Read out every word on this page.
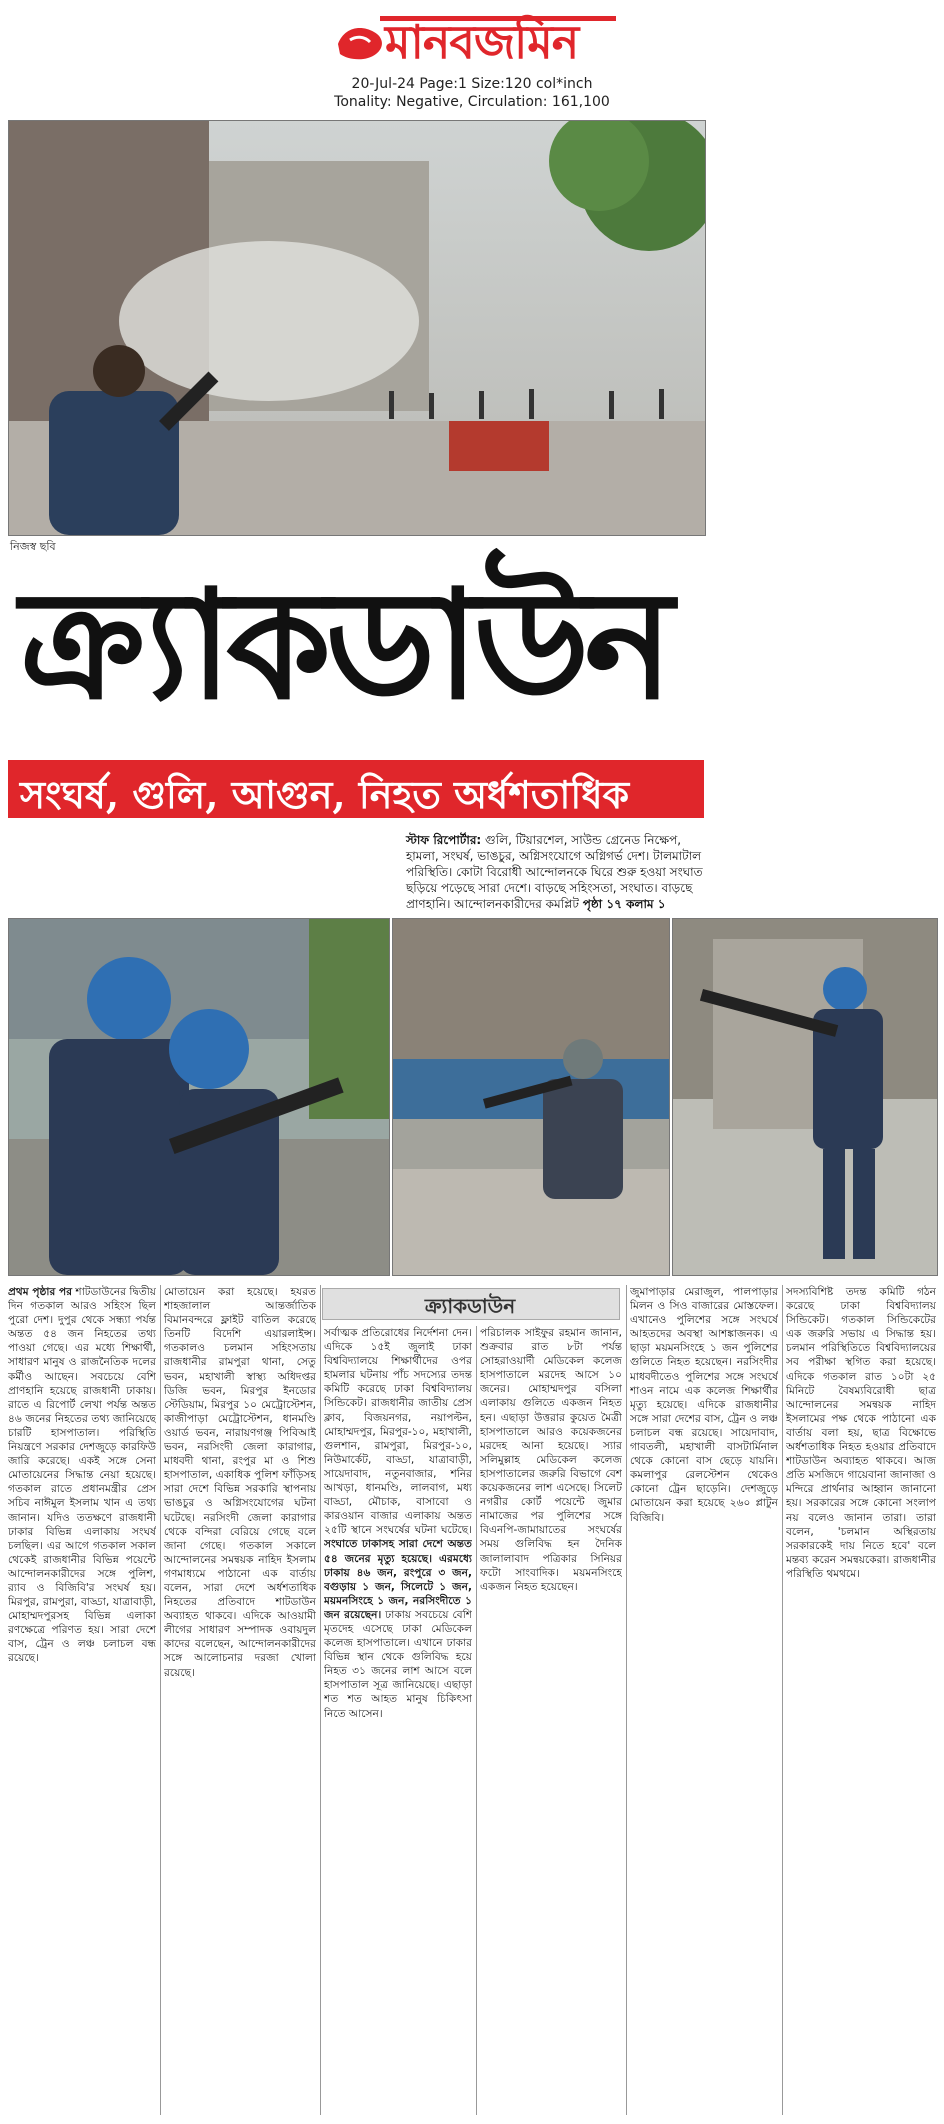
মানবজমিন
20-Jul-24 Page:1 Size:120 col*inch
Tonality: Negative, Circulation: 161,100
নিজস্ব ছবি
ক্র্যাকডাউন
সংঘর্ষ, গুলি, আগুন, নিহত অর্ধশতাধিক
স্টাফ রিপোর্টার: গুলি, টিয়ারশেল, সাউন্ড গ্রেনেড নিক্ষেপ, হামলা, সংঘর্ষ, ভাঙচুর, অগ্নিসংযোগে অগ্নিগর্ভ দেশ। টালমাটাল পরিস্থিতি। কোটা বিরোধী আন্দোলনকে ঘিরে শুরু হওয়া সংঘাত ছড়িয়ে পড়েছে সারা দেশে। বাড়ছে সহিংসতা, সংঘাত। বাড়ছে প্রাণহানি। আন্দোলনকারীদের কমপ্লিট পৃষ্ঠা ১৭ কলাম ১
প্রথম পৃষ্ঠার পর শাটডাউনের দ্বিতীয় দিন গতকাল আরও সহিংস ছিল পুরো দেশ। দুপুর থেকে সন্ধ্যা পর্যন্ত অন্তত ৫৪ জন নিহতের তথ্য পাওয়া গেছে। এর মধ্যে শিক্ষার্থী, সাধারণ মানুষ ও রাজনৈতিক দলের কর্মীও আছেন। সবচেয়ে বেশি প্রাণহানি হয়েছে রাজধানী ঢাকায়। রাতে এ রিপোর্ট লেখা পর্যন্ত অন্তত ৪৬ জনের নিহতের তথ্য জানিয়েছে চারটি হাসপাতাল। পরিস্থিতি নিয়ন্ত্রণে সরকার দেশজুড়ে কারফিউ জারি করেছে। একই সঙ্গে সেনা মোতায়েনের সিদ্ধান্ত নেয়া হয়েছে। গতকাল রাতে প্রধানমন্ত্রীর প্রেস সচিব নাঈমুল ইসলাম খান এ তথ্য জানান। যদিও ততক্ষণে রাজধানী ঢাকার বিভিন্ন এলাকায় সংঘর্ষ চলছিল। এর আগে গতকাল সকাল থেকেই রাজধানীর বিভিন্ন পয়েন্টে আন্দোলনকারীদের সঙ্গে পুলিশ, র‌্যাব ও বিজিবি'র সংঘর্ষ হয়। মিরপুর, রামপুরা, বাড্ডা, যাত্রাবাড়ী, মোহাম্মদপুরসহ বিভিন্ন এলাকা রণক্ষেত্রে পরিণত হয়। সারা দেশে বাস, ট্রেন ও লঞ্চ চলাচল বন্ধ রয়েছে।
মোতায়েন করা হয়েছে। হযরত শাহজালাল আন্তর্জাতিক বিমানবন্দরে ফ্লাইট বাতিল করেছে তিনটি বিদেশি এয়ারলাইন্স। গতকালও চলমান সহিংসতায় রাজধানীর রামপুরা থানা, সেতু ভবন, মহাখালী স্বাস্থ্য অধিদপ্তর ডিজি ভবন, মিরপুর ইনডোর স্টেডিয়াম, মিরপুর ১০ মেট্রোস্টেশন, কাজীপাড়া মেট্রোস্টেশন, ধানমণ্ডি ওয়ার্ড ভবন, নারায়ণগঞ্জ পিবিআই ভবন, নরসিংদী জেলা কারাগার, মাধবদী থানা, রংপুর মা ও শিশু হাসপাতাল, একাধিক পুলিশ ফাঁড়িসহ সারা দেশে বিভিন্ন সরকারি স্থাপনায় ভাঙচুর ও অগ্নিসংযোগের ঘটনা ঘটেছে। নরসিংদী জেলা কারাগার থেকে বন্দিরা বেরিয়ে গেছে বলে জানা গেছে। গতকাল সকালে আন্দোলনের সমন্বয়ক নাহিদ ইসলাম গণমাধ্যমে পাঠানো এক বার্তায় বলেন, সারা দেশে অর্ধশতাধিক নিহতের প্রতিবাদে শাটডাউন অব্যাহত থাকবে। এদিকে আওয়ামী লীগের সাধারণ সম্পাদক ওবায়দুল কাদের বলেছেন, আন্দোলনকারীদের সঙ্গে আলোচনার দরজা খোলা রয়েছে।
ক্র্যাকডাউন
সর্বাত্মক প্রতিরোধের নির্দেশনা দেন। এদিকে ১৫ই জুলাই ঢাকা বিশ্ববিদ্যালয়ে শিক্ষার্থীদের ওপর হামলার ঘটনায় পাঁচ সদস্যের তদন্ত কমিটি করেছে ঢাকা বিশ্ববিদ্যালয় সিন্ডিকেট। রাজধানীর জাতীয় প্রেস ক্লাব, বিজয়নগর, নয়াপল্টন, মোহাম্মদপুর, মিরপুর-১০, মহাখালী, গুলশান, রামপুরা, মিরপুর-১০, নিউমার্কেট, বাড্ডা, যাত্রাবাড়ী, সায়েদাবাদ, নতুনবাজার, শনির আখড়া, ধানমণ্ডি, লালবাগ, মধ্য বাড্ডা, মৌচাক, বাসাবো ও কারওয়ান বাজার এলাকায় অন্তত ২৫টি স্থানে সংঘর্ষের ঘটনা ঘটেছে। সংঘাতে ঢাকাসহ সারা দেশে অন্তত ৫৪ জনের মৃত্যু হয়েছে। এরমধ্যে ঢাকায় ৪৬ জন, রংপুরে ৩ জন, বগুড়ায় ১ জন, সিলেটে ১ জন, ময়মনসিংহে ১ জন, নরসিংদীতে ১ জন রয়েছেন। ঢাকায় সবচেয়ে বেশি মৃতদেহ এসেছে ঢাকা মেডিকেল কলেজ হাসপাতালে। এখানে ঢাকার বিভিন্ন স্থান থেকে গুলিবিদ্ধ হয়ে নিহত ৩১ জনের লাশ আসে বলে হাসপাতাল সূত্র জানিয়েছে। এছাড়া শত শত আহত মানুষ চিকিৎসা নিতে আসেন।
পরিচালক সাইফুর রহমান জানান, শুক্রবার রাত ৮টা পর্যন্ত সোহরাওয়ার্দী মেডিকেল কলেজ হাসপাতালে মরদেহ আসে ১০ জনের। মোহাম্মদপুর বসিলা এলাকায় গুলিতে একজন নিহত হন। এছাড়া উত্তরার কুয়েত মৈত্রী হাসপাতালে আরও কয়েকজনের মরদেহ আনা হয়েছে। স্যার সলিমুল্লাহ মেডিকেল কলেজ হাসপাতালের জরুরি বিভাগে বেশ কয়েকজনের লাশ এসেছে। সিলেট নগরীর কোর্ট পয়েন্টে জুমার নামাজের পর পুলিশের সঙ্গে বিএনপি-জামায়াতের সংঘর্ষের সময় গুলিবিদ্ধ হন দৈনিক জালালাবাদ পত্রিকার সিনিয়র ফটো সাংবাদিক। ময়মনসিংহে একজন নিহত হয়েছেন।
জুমাপাড়ার মেরাজুল, পালপাড়ার মিলন ও সিও বাজারের মোস্তফেল। এখানেও পুলিশের সঙ্গে সংঘর্ষে আহতদের অবস্থা আশঙ্কাজনক। এ ছাড়া ময়মনসিংহে ১ জন পুলিশের গুলিতে নিহত হয়েছেন। নরসিংদীর মাধবদীতেও পুলিশের সঙ্গে সংঘর্ষে শাওন নামে এক কলেজ শিক্ষার্থীর মৃত্যু হয়েছে। এদিকে রাজধানীর সঙ্গে সারা দেশের বাস, ট্রেন ও লঞ্চ চলাচল বন্ধ রয়েছে। সায়েদাবাদ, গাবতলী, মহাখালী বাসটার্মিনাল থেকে কোনো বাস ছেড়ে যায়নি। কমলাপুর রেলস্টেশন থেকেও কোনো ট্রেন ছাড়েনি। দেশজুড়ে মোতায়েন করা হয়েছে ২৬০ প্লাটুন বিজিবি।
সদস্যবিশিষ্ট তদন্ত কমিটি গঠন করেছে ঢাকা বিশ্ববিদ্যালয় সিন্ডিকেট। গতকাল সিন্ডিকেটের এক জরুরি সভায় এ সিদ্ধান্ত হয়। চলমান পরিস্থিতিতে বিশ্ববিদ্যালয়ের সব পরীক্ষা স্থগিত করা হয়েছে। এদিকে গতকাল রাত ১০টা ২৫ মিনিটে বৈষম্যবিরোধী ছাত্র আন্দোলনের সমন্বয়ক নাহিদ ইসলামের পক্ষ থেকে পাঠানো এক বার্তায় বলা হয়, ছাত্র বিক্ষোভে অর্ধশতাধিক নিহত হওয়ার প্রতিবাদে শাটডাউন অব্যাহত থাকবে। আজ প্রতি মসজিদে গায়েবানা জানাজা ও মন্দিরে প্রার্থনার আহ্বান জানানো হয়। সরকারের সঙ্গে কোনো সংলাপ নয় বলেও জানান তারা। তারা বলেন, 'চলমান অস্থিরতায় সরকারকেই দায় নিতে হবে' বলে মন্তব্য করেন সমন্বয়কেরা। রাজধানীর পরিস্থিতি থমথমে।
